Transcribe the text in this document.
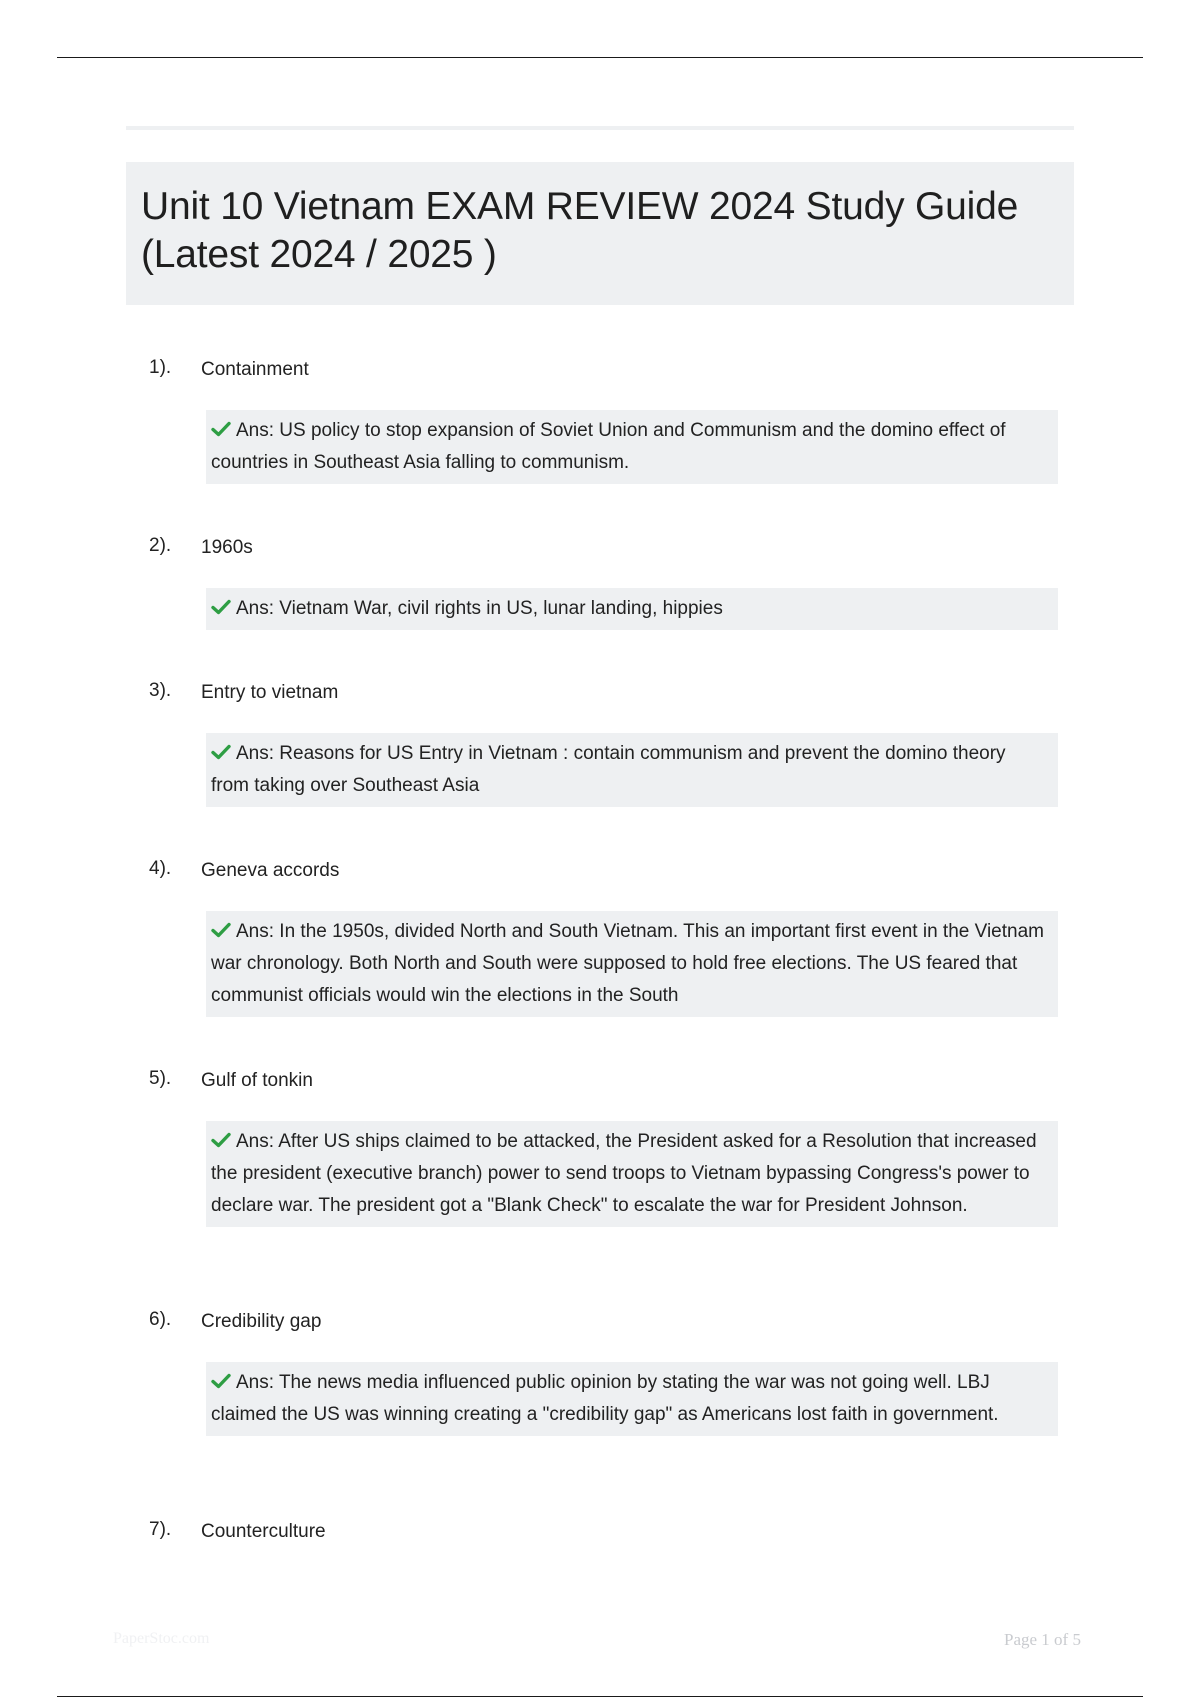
Unit 10 Vietnam EXAM REVIEW 2024 Study Guide (Latest 2024 / 2025 )
1). Containment
Ans: US policy to stop expansion of Soviet Union and Communism and the domino effect of countries in Southeast Asia falling to communism.
2). 1960s
Ans: Vietnam War, civil rights in US, lunar landing, hippies
3). Entry to vietnam
Ans: Reasons for US Entry in Vietnam : contain communism and prevent the domino theory from taking over Southeast Asia
4). Geneva accords
Ans: In the 1950s, divided North and South Vietnam. This an important first event in the Vietnam war chronology. Both North and South were supposed to hold free elections. The US feared that communist officials would win the elections in the South
5). Gulf of tonkin
Ans: After US ships claimed to be attacked, the President asked for a Resolution that increased the president (executive branch) power to send troops to Vietnam bypassing Congress's power to declare war. The president got a "Blank Check" to escalate the war for President Johnson.
6). Credibility gap
Ans: The news media influenced public opinion by stating the war was not going well. LBJ claimed the US was winning creating a "credibility gap" as Americans lost faith in government.
7). Counterculture
PaperStoc.com	Page 1 of 5
